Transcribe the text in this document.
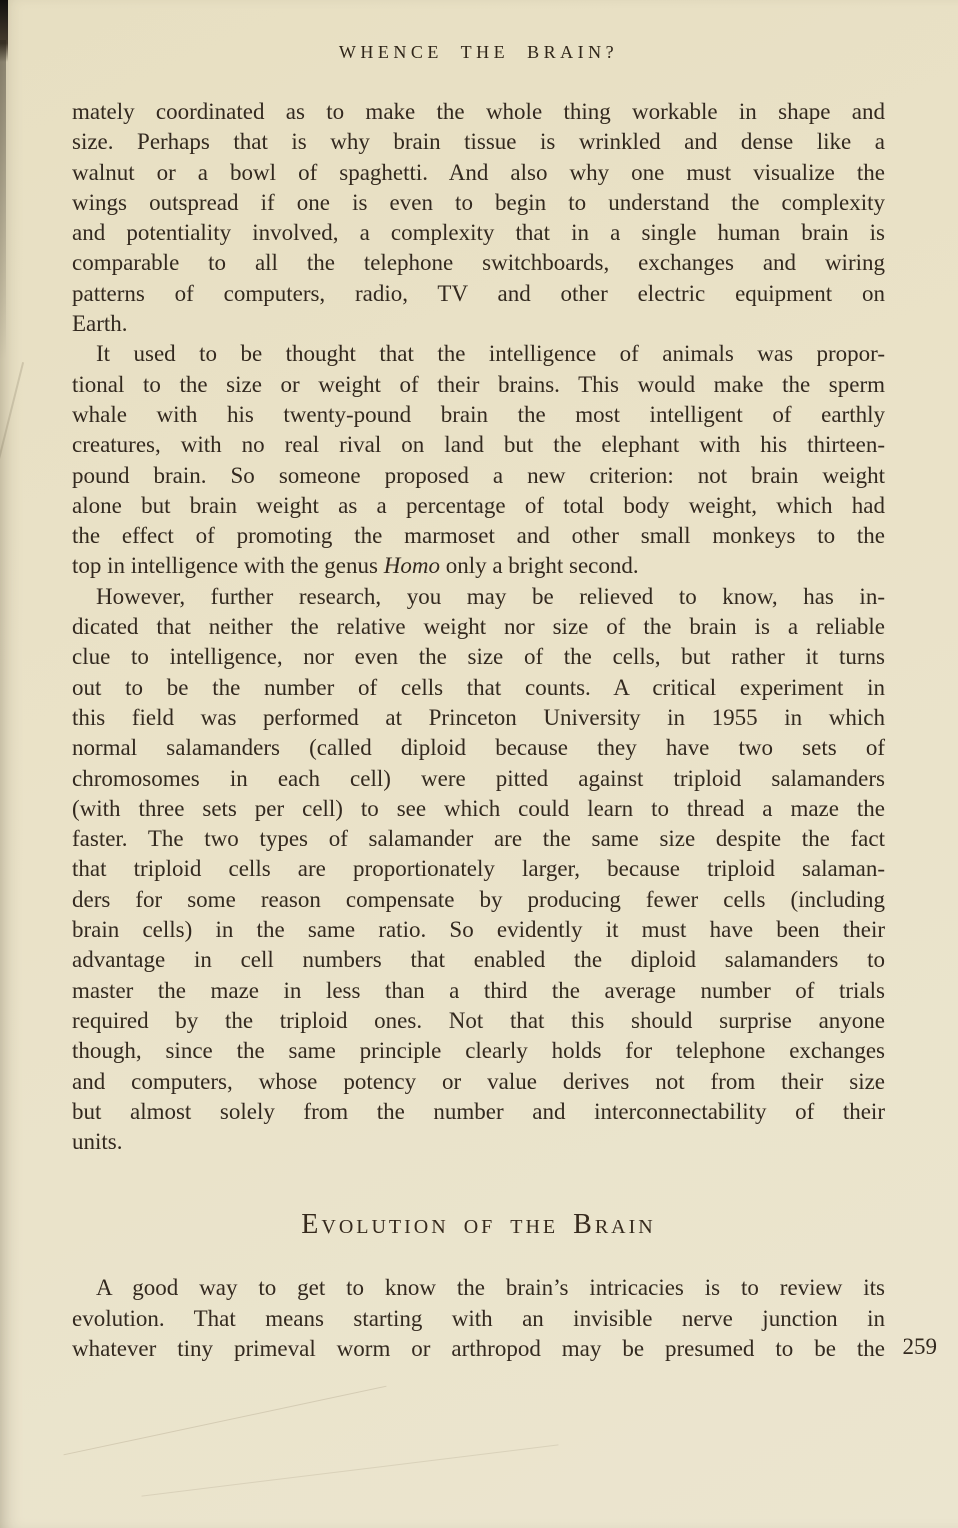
WHENCE THE BRAIN?
mately coordinated as to make the whole thing workable in shape and
size. Perhaps that is why brain tissue is wrinkled and dense like a
walnut or a bowl of spaghetti. And also why one must visualize the
wings outspread if one is even to begin to understand the complexity
and potentiality involved, a complexity that in a single human brain is
comparable to all the telephone switchboards, exchanges and wiring
patterns of computers, radio, TV and other electric equipment on
Earth.
It used to be thought that the intelligence of animals was propor-
tional to the size or weight of their brains. This would make the sperm
whale with his twenty-pound brain the most intelligent of earthly
creatures, with no real rival on land but the elephant with his thirteen-
pound brain. So someone proposed a new criterion: not brain weight
alone but brain weight as a percentage of total body weight, which had
the effect of promoting the marmoset and other small monkeys to the
top in intelligence with the genus Homo only a bright second.
However, further research, you may be relieved to know, has in-
dicated that neither the relative weight nor size of the brain is a reliable
clue to intelligence, nor even the size of the cells, but rather it turns
out to be the number of cells that counts. A critical experiment in
this field was performed at Princeton University in 1955 in which
normal salamanders (called diploid because they have two sets of
chromosomes in each cell) were pitted against triploid salamanders
(with three sets per cell) to see which could learn to thread a maze the
faster. The two types of salamander are the same size despite the fact
that triploid cells are proportionately larger, because triploid salaman-
ders for some reason compensate by producing fewer cells (including
brain cells) in the same ratio. So evidently it must have been their
advantage in cell numbers that enabled the diploid salamanders to
master the maze in less than a third the average number of trials
required by the triploid ones. Not that this should surprise anyone
though, since the same principle clearly holds for telephone exchanges
and computers, whose potency or value derives not from their size
but almost solely from the number and interconnectability of their
units.
Evolution of the Brain
A good way to get to know the brain’s intricacies is to review its
evolution. That means starting with an invisible nerve junction in
whatever tiny primeval worm or arthropod may be presumed to be the 259
